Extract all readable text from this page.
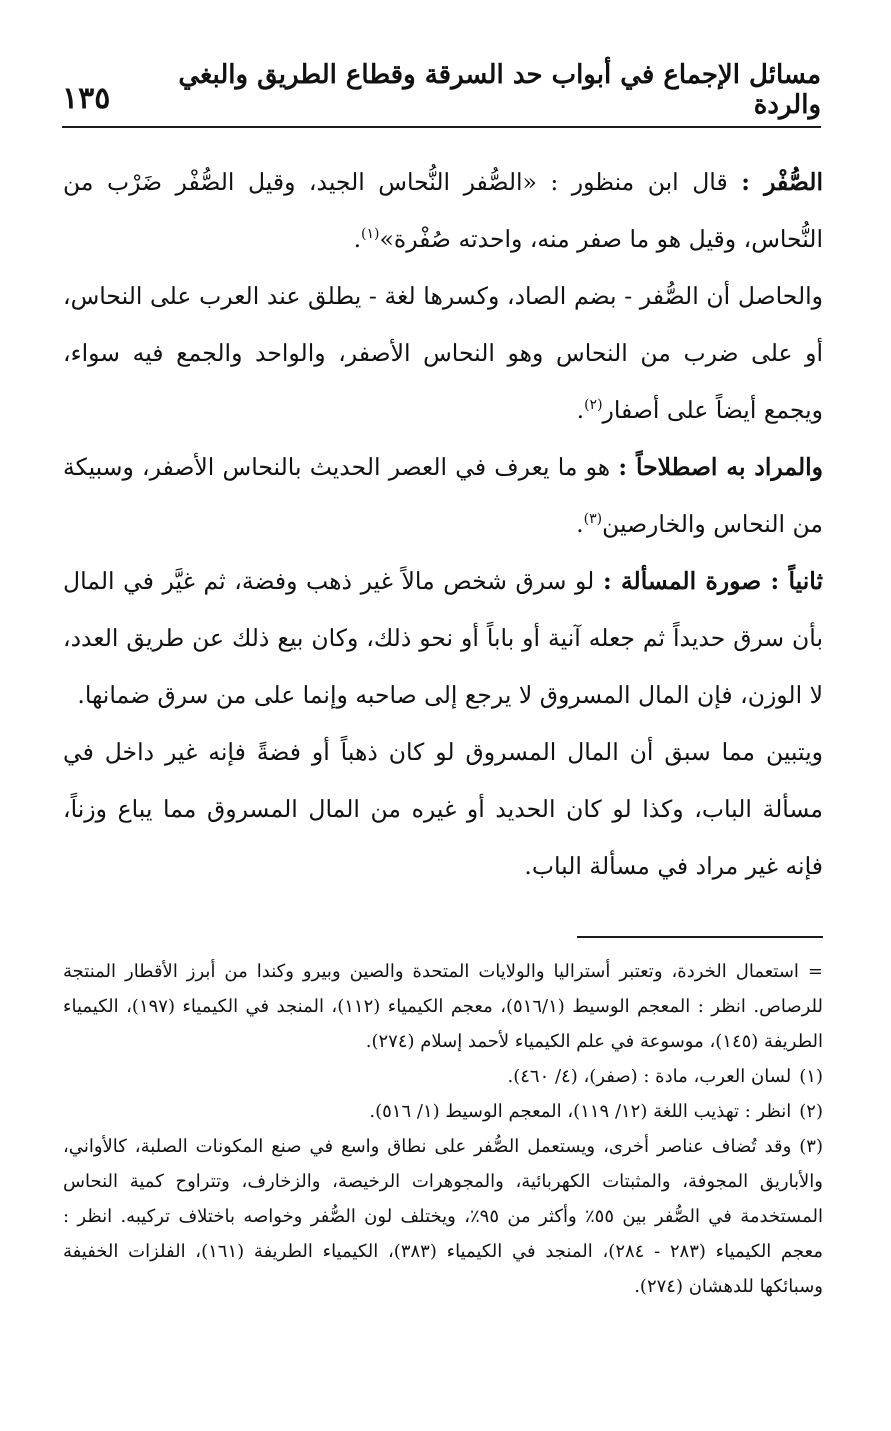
مسائل الإجماع في أبواب حد السرقة وقطاع الطريق والبغي والردة
١٣٥

الصُّفْر : قال ابن منظور : «الصُّفر النُّحاس الجيد، وقيل الصُّفْر ضَرْب من النُّحاس، وقيل هو ما صفر منه، واحدته صُفْرة»$^{(١)}$.

والحاصل أن الصُّفر - بضم الصاد، وكسرها لغة - يطلق عند العرب على النحاس، أو على ضرب من النحاس وهو النحاس الأصفر، والواحد والجمع فيه سواء، ويجمع أيضاً على أصفار$^{(٢)}$.

والمراد به اصطلاحاً : هو ما يعرف في العصر الحديث بالنحاس الأصفر، وسبيكة من النحاس والخارصين$^{(٣)}$.

ثانياً : صورة المسألة : لو سرق شخص مالاً غير ذهب وفضة، ثم غيَّر في المال بأن سرق حديداً ثم جعله آنية أو باباً أو نحو ذلك، وكان بيع ذلك عن طريق العدد، لا الوزن، فإن المال المسروق لا يرجع إلى صاحبه وإنما على من سرق ضمانها.

ويتبين مما سبق أن المال المسروق لو كان ذهباً أو فضةً فإنه غير داخل في مسألة الباب، وكذا لو كان الحديد أو غيره من المال المسروق مما يباع وزناً، فإنه غير مراد في مسألة الباب.

= استعمال الخردة، وتعتبر أستراليا والولايات المتحدة والصين وبيرو وكندا من أبرز الأقطار المنتجة للرصاص. انظر : المعجم الوسيط (٥١٦/١)، معجم الكيمياء (١١٢)، المنجد في الكيمياء (١٩٧)، الكيمياء الطريفة (١٤٥)، موسوعة في علم الكيمياء لأحمد إسلام (٢٧٤).

(١)لسان العرب، مادة : (صفر)، (٤/ ٤٦٠).

(٢)انظر : تهذيب اللغة (١٢/ ١١٩)، المعجم الوسيط (١/ ٥١٦).

(٣)وقد تُضاف عناصر أخرى، ويستعمل الصُّفر على نطاق واسع في صنع المكونات الصلبة، كالأواني، والأباريق المجوفة، والمثبتات الكهربائية، والمجوهرات الرخيصة، والزخارف، وتتراوح كمية النحاس المستخدمة في الصُّفر بين ٥٥٪ وأكثر من ٩٥٪، ويختلف لون الصُّفر وخواصه باختلاف تركيبه. انظر : معجم الكيمياء (٢٨٣ - ٢٨٤)، المنجد في الكيمياء (٣٨٣)، الكيمياء الطريفة (١٦١)، الفلزات الخفيفة وسبائكها للدهشان (٢٧٤).
